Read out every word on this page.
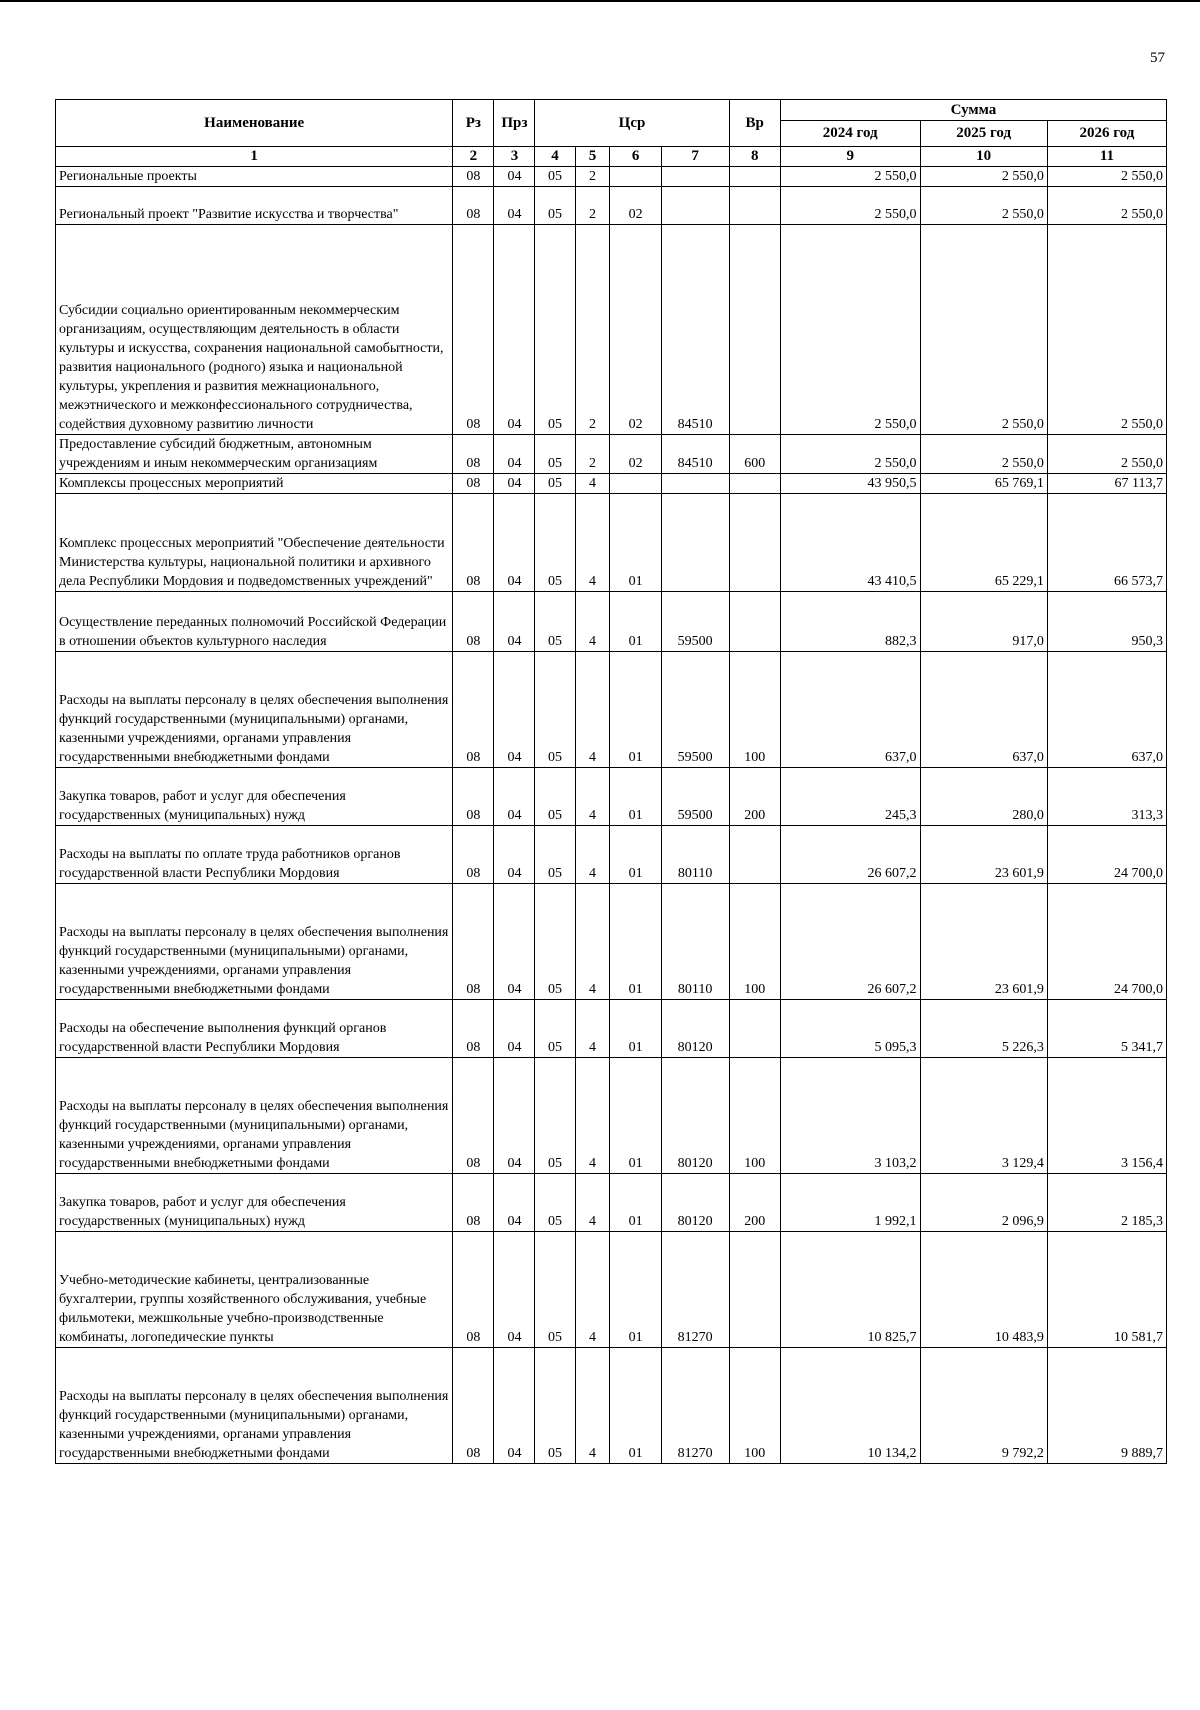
57
Наименование	Рз	Прз	Цср				Вр	Сумма		
								2024 год	2025 год	2026 год
1	2	3	4	5	6	7	8	9	10	11
Региональные проекты	08	04	05	2				2 550,0	2 550,0	2 550,0
Региональный проект "Развитие искусства и творчества"	08	04	05	2	02			2 550,0	2 550,0	2 550,0
Субсидии социально ориентированным некоммерческим организациям, осуществляющим деятельность в области культуры и искусства, сохранения национальной самобытности, развития национального (родного) языка и национальной культуры, укрепления и развития межнационального, межэтнического и межконфессионального сотрудничества, содействия духовному развитию личности	08	04	05	2	02	84510		2 550,0	2 550,0	2 550,0
Предоставление субсидий бюджетным, автономным учреждениям и иным некоммерческим организациям	08	04	05	2	02	84510	600	2 550,0	2 550,0	2 550,0
Комплексы процессных мероприятий	08	04	05	4				43 950,5	65 769,1	67 113,7
Комплекс процессных мероприятий "Обеспечение деятельности Министерства культуры, национальной политики и архивного дела Республики Мордовия и подведомственных учреждений"	08	04	05	4	01			43 410,5	65 229,1	66 573,7
Осуществление переданных полномочий Российской Федерации в отношении объектов культурного наследия	08	04	05	4	01	59500		882,3	917,0	950,3
Расходы на выплаты персоналу в целях обеспечения выполнения функций государственными (муниципальными) органами, казенными учреждениями, органами управления государственными внебюджетными фондами	08	04	05	4	01	59500	100	637,0	637,0	637,0
Закупка товаров, работ и услуг для обеспечения государственных (муниципальных) нужд	08	04	05	4	01	59500	200	245,3	280,0	313,3
Расходы на выплаты по оплате труда работников органов государственной власти Республики Мордовия	08	04	05	4	01	80110		26 607,2	23 601,9	24 700,0
Расходы на выплаты персоналу в целях обеспечения выполнения функций государственными (муниципальными) органами, казенными учреждениями, органами управления государственными внебюджетными фондами	08	04	05	4	01	80110	100	26 607,2	23 601,9	24 700,0
Расходы на обеспечение выполнения функций органов государственной власти Республики Мордовия	08	04	05	4	01	80120		5 095,3	5 226,3	5 341,7
Расходы на выплаты персоналу в целях обеспечения выполнения функций государственными (муниципальными) органами, казенными учреждениями, органами управления государственными внебюджетными фондами	08	04	05	4	01	80120	100	3 103,2	3 129,4	3 156,4
Закупка товаров, работ и услуг для обеспечения государственных (муниципальных) нужд	08	04	05	4	01	80120	200	1 992,1	2 096,9	2 185,3
Учебно-методические кабинеты, централизованные бухгалтерии, группы хозяйственного обслуживания, учебные фильмотеки, межшкольные учебно-производственные комбинаты, логопедические пункты	08	04	05	4	01	81270		10 825,7	10 483,9	10 581,7
Расходы на выплаты персоналу в целях обеспечения выполнения функций государственными (муниципальными) органами, казенными учреждениями, органами управления государственными внебюджетными фондами	08	04	05	4	01	81270	100	10 134,2	9 792,2	9 889,7
